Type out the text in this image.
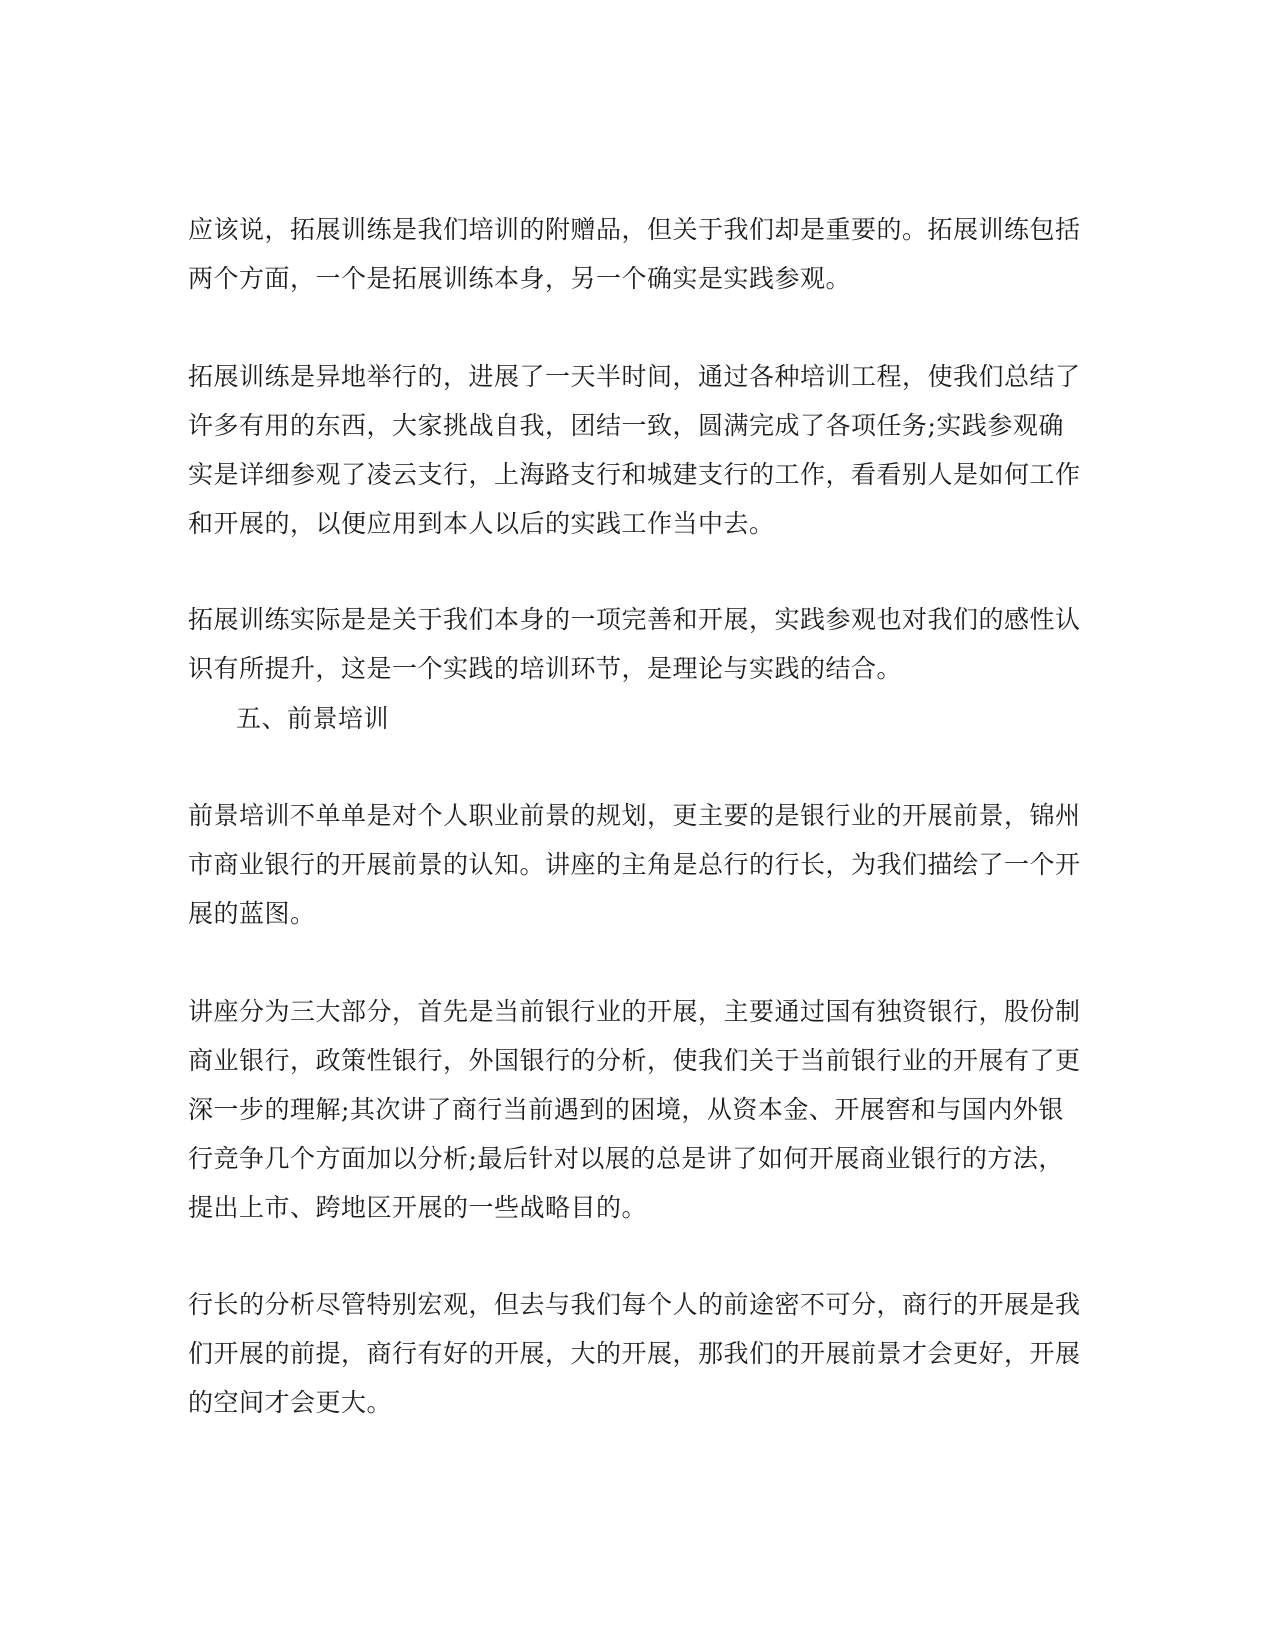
应该说，拓展训练是我们培训的附赠品，但关于我们却是重要的。拓展训练包括两个方面，一个是拓展训练本身，另一个确实是实践参观。

拓展训练是异地举行的，进展了一天半时间，通过各种培训工程，使我们总结了许多有用的东西，大家挑战自我，团结一致，圆满完成了各项任务;实践参观确实是详细参观了凌云支行，上海路支行和城建支行的工作，看看别人是如何工作和开展的，以便应用到本人以后的实践工作当中去。

拓展训练实际是是关于我们本身的一项完善和开展，实践参观也对我们的感性认识有所提升，这是一个实践的培训环节，是理论与实践的结合。

五、前景培训

前景培训不单单是对个人职业前景的规划，更主要的是银行业的开展前景，锦州市商业银行的开展前景的认知。讲座的主角是总行的行长，为我们描绘了一个开展的蓝图。

讲座分为三大部分，首先是当前银行业的开展，主要通过国有独资银行，股份制商业银行，政策性银行，外国银行的分析，使我们关于当前银行业的开展有了更深一步的理解;其次讲了商行当前遇到的困境，从资本金、开展窖和与国内外银行竞争几个方面加以分析;最后针对以展的总是讲了如何开展商业银行的方法，提出上市、跨地区开展的一些战略目的。

行长的分析尽管特别宏观，但去与我们每个人的前途密不可分，商行的开展是我们开展的前提，商行有好的开展，大的开展，那我们的开展前景才会更好，开展的空间才会更大。
